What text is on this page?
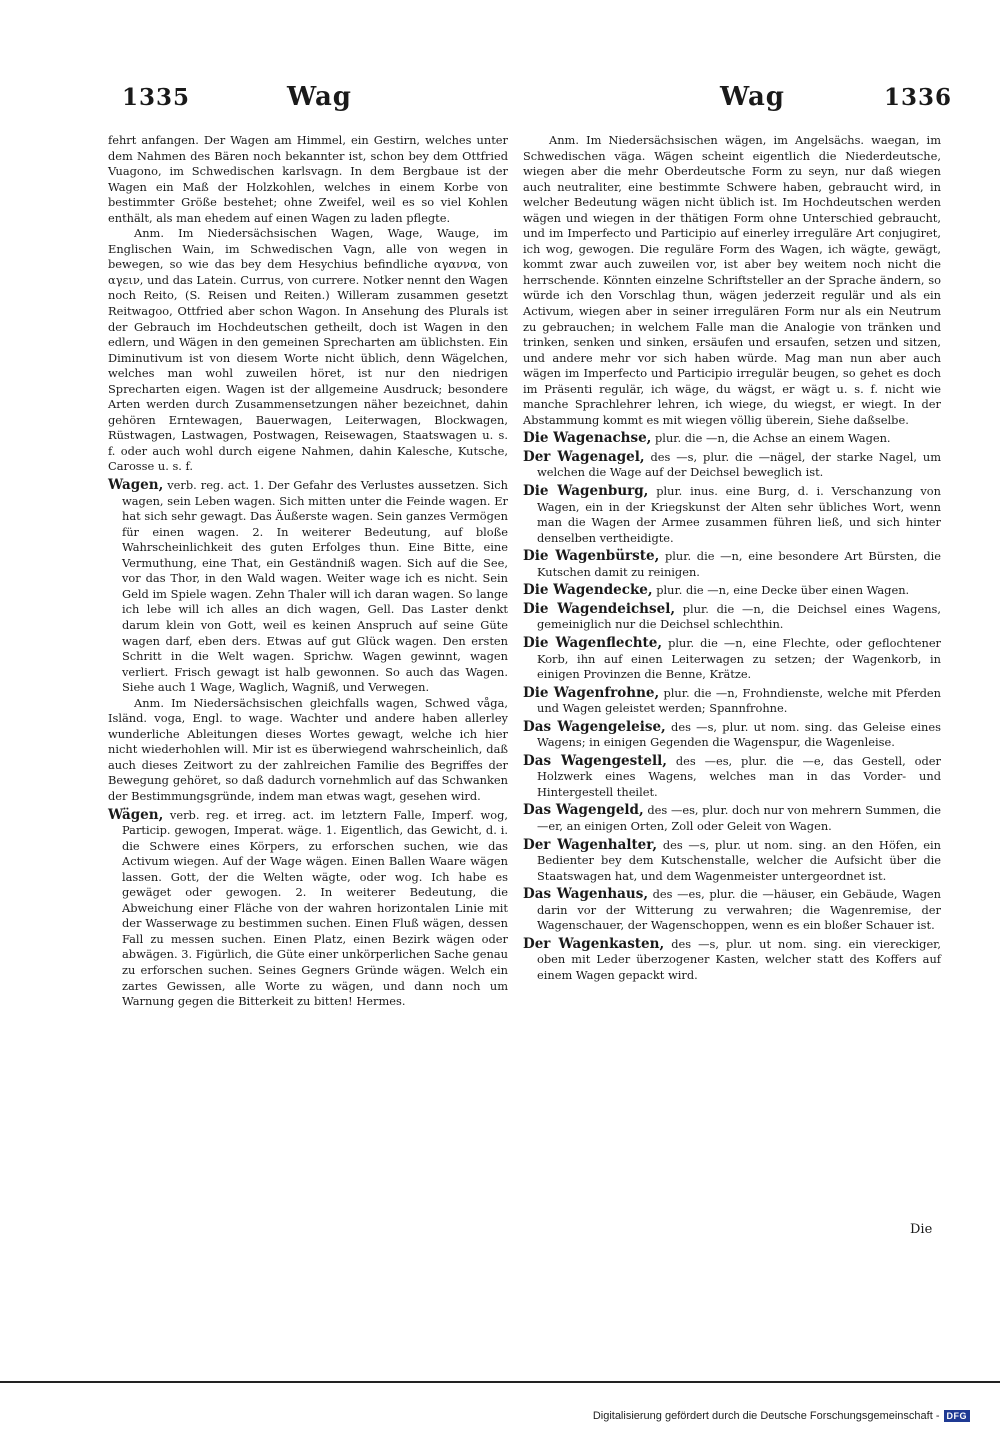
1335	Wag	Wag	1336

fehrt anfangen. Der Wagen am Himmel, ein Gestirn, welches unter dem Nahmen des Bären noch bekannter ist, schon bey dem Ottfried Vuagono, im Schwedischen karlsvagn. In dem Bergbaue ist der Wagen ein Maß der Holzkohlen, welches in einem Korbe von bestimmter Größe bestehet; ohne Zweifel, weil es so viel Kohlen enthält, als man ehedem auf einen Wagen zu laden pflegte.

Anm. Im Niedersächsischen Wagen, Wage, Wauge, im Englischen Wain, im Schwedischen Vagn, alle von wegen in bewegen, so wie das bey dem Hesychius befindliche αγαννα, von αγειν, und das Latein. Currus, von currere. Notker nennt den Wagen noch Reito, (S. Reisen und Reiten.) Willeram zusammen gesetzt Reitwagoo, Ottfried aber schon Wagon. In Ansehung des Plurals ist der Gebrauch im Hochdeutschen getheilt, doch ist Wagen in den edlern, und Wägen in den gemeinen Sprecharten am üblichsten. Ein Diminutivum ist von diesem Worte nicht üblich, denn Wägelchen, welches man wohl zuweilen höret, ist nur den niedrigen Sprecharten eigen. Wagen ist der allgemeine Ausdruck; besondere Arten werden durch Zusammensetzungen näher bezeichnet, dahin gehören Erntewagen, Bauerwagen, Leiterwagen, Blockwagen, Rüstwagen, Lastwagen, Postwagen, Reisewagen, Staatswagen u. s. f. oder auch wohl durch eigene Nahmen, dahin Kalesche, Kutsche, Carosse u. s. f.

Wagen, verb. reg. act. 1. Der Gefahr des Verlustes aussetzen. Sich wagen, sein Leben wagen. Sich mitten unter die Feinde wagen. Er hat sich sehr gewagt. Das Äußerste wagen. Sein ganzes Vermögen für einen wagen. 2. In weiterer Bedeutung, auf bloße Wahrscheinlichkeit des guten Erfolges thun. Eine Bitte, eine Vermuthung, eine That, ein Geständniß wagen. Sich auf die See, vor das Thor, in den Wald wagen. Weiter wage ich es nicht. Sein Geld im Spiele wagen. Zehn Thaler will ich daran wagen. So lange ich lebe will ich alles an dich wagen, Gell. Das Laster denkt darum klein von Gott, weil es keinen Anspruch auf seine Güte wagen darf, eben ders. Etwas auf gut Glück wagen. Den ersten Schritt in die Welt wagen. Sprichw. Wagen gewinnt, wagen verliert. Frisch gewagt ist halb gewonnen. So auch das Wagen. Siehe auch 1 Wage, Waglich, Wagniß, und Verwegen.

Anm. Im Niedersächsischen gleichfalls wagen, Schwed våga, Isländ. voga, Engl. to wage. Wachter und andere haben allerley wunderliche Ableitungen dieses Wortes gewagt, welche ich hier nicht wiederhohlen will. Mir ist es überwiegend wahrscheinlich, daß auch dieses Zeitwort zu der zahlreichen Familie des Begriffes der Bewegung gehöret, so daß dadurch vornehmlich auf das Schwanken der Bestimmungsgründe, indem man etwas wagt, gesehen wird.

Wägen, verb. reg. et irreg. act. im letztern Falle, Imperf. wog, Particip. gewogen, Imperat. wäge. 1. Eigentlich, das Gewicht, d. i. die Schwere eines Körpers, zu erforschen suchen, wie das Activum wiegen. Auf der Wage wägen. Einen Ballen Waare wägen lassen. Gott, der die Welten wägte, oder wog. Ich habe es gewäget oder gewogen. 2. In weiterer Bedeutung, die Abweichung einer Fläche von der wahren horizontalen Linie mit der Wasserwage zu bestimmen suchen. Einen Fluß wägen, dessen Fall zu messen suchen. Einen Platz, einen Bezirk wägen oder abwägen. 3. Figürlich, die Güte einer unkörperlichen Sache genau zu erforschen suchen. Seines Gegners Gründe wägen. Welch ein zartes Gewissen, alle Worte zu wägen, und dann noch um Warnung gegen die Bitterkeit zu bitten! Hermes.

Anm. Im Niedersächsischen wägen, im Angelsächs. waegan, im Schwedischen väga. Wägen scheint eigentlich die Niederdeutsche, wiegen aber die mehr Oberdeutsche Form zu seyn, nur daß wiegen auch neutraliter, eine bestimmte Schwere haben, gebraucht wird, in welcher Bedeutung wägen nicht üblich ist. Im Hochdeutschen werden wägen und wiegen in der thätigen Form ohne Unterschied gebraucht, und im Imperfecto und Participio auf einerley irreguläre Art conjugiret, ich wog, gewogen. Die reguläre Form des Wagen, ich wägte, gewägt, kommt zwar auch zuweilen vor, ist aber bey weitem noch nicht die herrschende. Könnten einzelne Schriftsteller an der Sprache ändern, so würde ich den Vorschlag thun, wägen jederzeit regulär und als ein Activum, wiegen aber in seiner irregulären Form nur als ein Neutrum zu gebrauchen; in welchem Falle man die Analogie von tränken und trinken, senken und sinken, ersäufen und ersaufen, setzen und sitzen, und andere mehr vor sich haben würde. Mag man nun aber auch wägen im Imperfecto und Participio irregulär beugen, so gehet es doch im Präsenti regulär, ich wäge, du wägst, er wägt u. s. f. nicht wie manche Sprachlehrer lehren, ich wiege, du wiegst, er wiegt. In der Abstammung kommt es mit wiegen völlig überein, Siehe daßselbe.

Die Wagenachse, plur. die —n, die Achse an einem Wagen.

Der Wagenagel, des —s, plur. die —nägel, der starke Nagel, um welchen die Wage auf der Deichsel beweglich ist.

Die Wagenburg, plur. inus. eine Burg, d. i. Verschanzung von Wagen, ein in der Kriegskunst der Alten sehr übliches Wort, wenn man die Wagen der Armee zusammen führen ließ, und sich hinter denselben vertheidigte.

Die Wagenbürste, plur. die —n, eine besondere Art Bürsten, die Kutschen damit zu reinigen.

Die Wagendecke, plur. die —n, eine Decke über einen Wagen.

Die Wagendeichsel, plur. die —n, die Deichsel eines Wagens, gemeiniglich nur die Deichsel schlechthin.

Die Wagenflechte, plur. die —n, eine Flechte, oder geflochtener Korb, ihn auf einen Leiterwagen zu setzen; der Wagenkorb, in einigen Provinzen die Benne, Krätze.

Die Wagenfrohne, plur. die —n, Frohndienste, welche mit Pferden und Wagen geleistet werden; Spannfrohne.

Das Wagengeleise, des —s, plur. ut nom. sing. das Geleise eines Wagens; in einigen Gegenden die Wagenspur, die Wagenleise.

Das Wagengestell, des —es, plur. die —e, das Gestell, oder Holzwerk eines Wagens, welches man in das Vorder- und Hintergestell theilet.

Das Wagengeld, des —es, plur. doch nur von mehrern Summen, die —er, an einigen Orten, Zoll oder Geleit von Wagen.

Der Wagenhalter, des —s, plur. ut nom. sing. an den Höfen, ein Bedienter bey dem Kutschenstalle, welcher die Aufsicht über die Staatswagen hat, und dem Wagenmeister untergeordnet ist.

Das Wagenhaus, des —es, plur. die —häuser, ein Gebäude, Wagen darin vor der Witterung zu verwahren; die Wagenremise, der Wagenschauer, der Wagenschoppen, wenn es ein bloßer Schauer ist.

Der Wagenkasten, des —s, plur. ut nom. sing. ein viereckiger, oben mit Leder überzogener Kasten, welcher statt des Koffers auf einem Wagen gepackt wird.

Die
Digitalisierung gefördert durch die Deutsche Forschungsgemeinschaft - DFG
